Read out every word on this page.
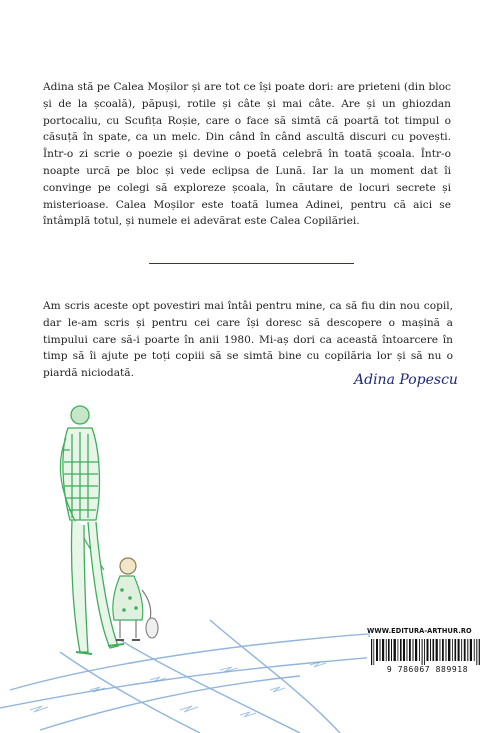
Adina stă pe Calea Moșilor și are tot ce își poate dori: are prieteni (din bloc și de la școală), păpuși, rotile și câte și mai câte. Are și un ghiozdan portocaliu, cu Scufița Roșie, care o face să simtă că poartă tot timpul o căsuță în spate, ca un melc. Din când în când ascultă discuri cu povești. Într-o zi scrie o poezie și devine o poetă celebră în toată școala. Într-o noapte urcă pe bloc și vede eclipsa de Lună. Iar la un moment dat îi convinge pe colegi să exploreze școala, în căutare de locuri secrete și misterioase. Calea Moșilor este toată lumea Adinei, pentru că aici se întâmplă totul, și numele ei adevărat este Calea Copilăriei.

Am scris aceste opt povestiri mai întâi pentru mine, ca să fiu din nou copil, dar le-am scris și pentru cei care își doresc să descopere o mașină a timpului care să-i poarte în anii 1980. Mi-aș dori ca această întoarcere în timp să îi ajute pe toți copiii să se simtă bine cu copilăria lor și să nu o piardă niciodată.	Adina Popescu
WWW.EDITURA-ARTHUR.RO
9 786067 889918
